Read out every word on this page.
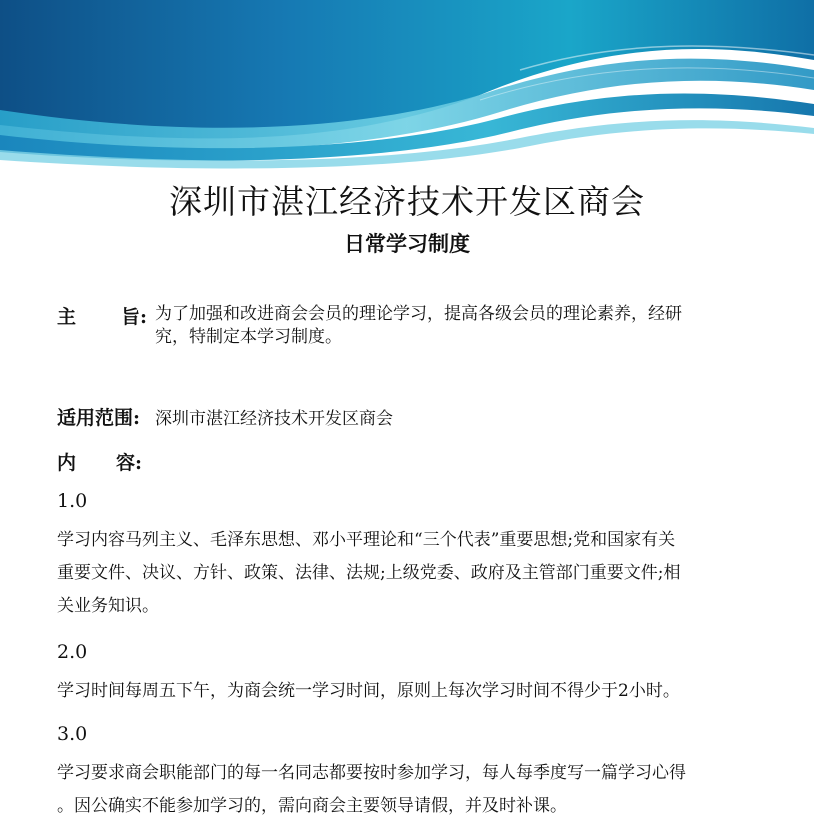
深圳市湛江经济技术开发区商会
日常学习制度
主 旨: 为了加强和改进商会会员的理论学习，提高各级会员的理论素养，经研
究，特制定本学习制度。
适用范围: 深圳市湛江经济技术开发区商会
内 容:
1.0
学习内容马列主义、毛泽东思想、邓小平理论和“三个代表”重要思想;党和国家有关
重要文件、决议、方针、政策、法律、法规;上级党委、政府及主管部门重要文件;相
关业务知识。
2.0
学习时间每周五下午，为商会统一学习时间，原则上每次学习时间不得少于2小时。
3.0
学习要求商会职能部门的每一名同志都要按时参加学习，每人每季度写一篇学习心得
。因公确实不能参加学习的，需向商会主要领导请假，并及时补课。
